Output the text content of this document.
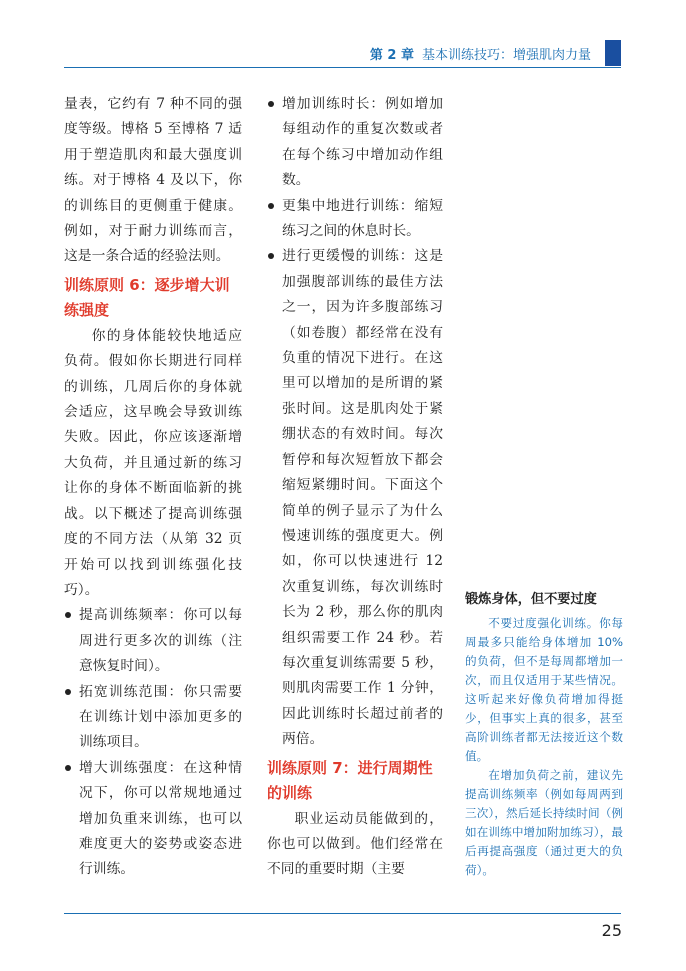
第 2 章 基本训练技巧：增强肌肉力量

量表，它约有 7 种不同的强度等级。博格 5 至博格 7 适用于塑造肌肉和最大强度训练。对于博格 4 及以下，你的训练目的更侧重于健康。例如，对于耐力训练而言，这是一条合适的经验法则。

训练原则 6：逐步增大训练强度

你的身体能较快地适应负荷。假如你长期进行同样的训练，几周后你的身体就会适应，这早晚会导致训练失败。因此，你应该逐渐增大负荷，并且通过新的练习让你的身体不断面临新的挑战。以下概述了提高训练强度的不同方法（从第 32 页开始可以找到训练强化技巧）。

提高训练频率：你可以每周进行更多次的训练（注意恢复时间）。
拓宽训练范围：你只需要在训练计划中添加更多的训练项目。
增大训练强度：在这种情况下，你可以常规地通过增加负重来训练，也可以难度更大的姿势或姿态进行训练。
增加训练时长：例如增加每组动作的重复次数或者在每个练习中增加动作组数。
更集中地进行训练：缩短练习之间的休息时长。
进行更缓慢的训练：这是加强腹部训练的最佳方法之一，因为许多腹部练习（如卷腹）都经常在没有负重的情况下进行。在这里可以增加的是所谓的紧张时间。这是肌肉处于紧绷状态的有效时间。每次暂停和每次短暂放下都会缩短紧绷时间。下面这个简单的例子显示了为什么慢速训练的强度更大。例如，你可以快速进行 12 次重复训练，每次训练时长为 2 秒，那么你的肌肉组织需要工作 24 秒。若每次重复训练需要 5 秒，则肌肉需要工作 1 分钟，因此训练时长超过前者的两倍。
训练原则 7：进行周期性的训练

职业运动员能做到的，你也可以做到。他们经常在不同的重要时期（主要

锻炼身体，但不要过度

不要过度强化训练。你每周最多只能给身体增加 10% 的负荷，但不是每周都增加一次，而且仅适用于某些情况。这听起来好像负荷增加得挺少，但事实上真的很多，甚至高阶训练者都无法接近这个数值。

在增加负荷之前，建议先提高训练频率（例如每周两到三次），然后延长持续时间（例如在训练中增加附加练习），最后再提高强度（通过更大的负荷）。

25
